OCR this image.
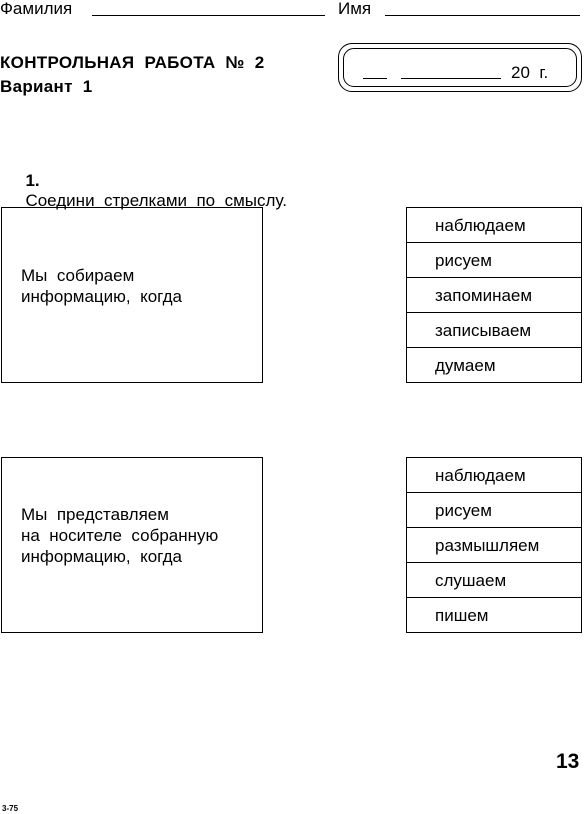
Фамилия	Имя
КОНТРОЛЬНАЯ  РАБОТА  №  2
Вариант  1
20  г.

1.
Соедини  стрелками  по  смыслу.

Мы  собираем
информацию,  когда
наблюдаем
рисуем
запоминаем
записываем
думаем
Мы  представляем
на  носителе  собранную
информацию,  когда
наблюдаем
рисуем
размышляем
слушаем
пишем
13
3-75
